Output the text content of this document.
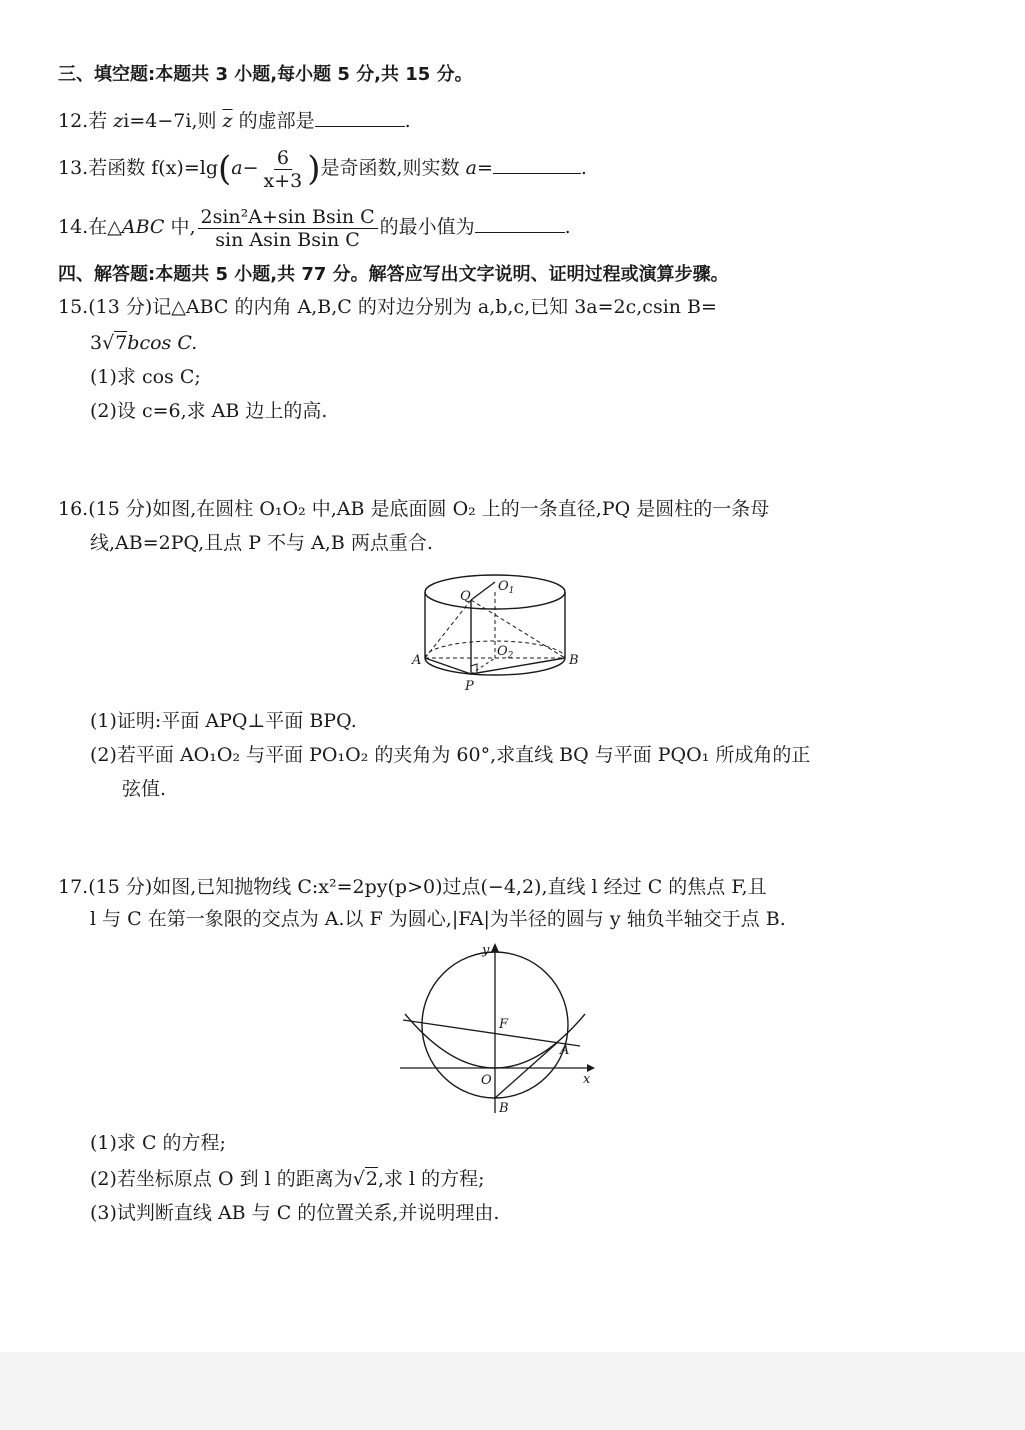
三、填空题:本题共 3 小题,每小题 5 分,共 15 分。
12.若 zi=4−7i,则 $\overline{z}$ 的虚部是	.
13.若函数 $f(x)=\lg(a- \frac{6}{x+3}$ )是奇函数,则实数 a=	.
14.在△ABC 中, $\frac{\text{2sin²A+sin Bsin C}}{\text{sin Asin Bsin C}}$ 的最小值为	.
四、解答题:本题共 5 小题,共 77 分。解答应写出文字说明、证明过程或演算步骤。
15.(13 分)记△ABC 的内角 A,B,C 的对边分别为 a,b,c,已知 3a=2c,csin B=
3√7bcos C.
(1)求 cos C;
(2)设 c=6,求 AB 边上的高.
16.(15 分)如图,在圆柱 O₁O₂ 中,AB 是底面圆 O₂ 上的一条直径,PQ 是圆柱的一条母
线,AB=2PQ,且点 P 不与 A,B 两点重合.
Q
$O_1$
$O_2$
A	B
P
(1)证明:平面 APQ⊥平面 BPQ.
(2)若平面 AO₁O₂ 与平面 PO₁O₂ 的夹角为 60°,求直线 BQ 与平面 PQO₁ 所成角的正
弦值.
17.(15 分)如图,已知抛物线 C:x²=2py(p>0)过点(−4,2),直线 l 经过 C 的焦点 F,且
l 与 C 在第一象限的交点为 A.以 F 为圆心,|FA|为半径的圆与 y 轴负半轴交于点 B.
y
x
F
A
O
B
(1)求 C 的方程;
(2)若坐标原点 O 到 l 的距离为√2,求 l 的方程;
(3)试判断直线 AB 与 C 的位置关系,并说明理由.
